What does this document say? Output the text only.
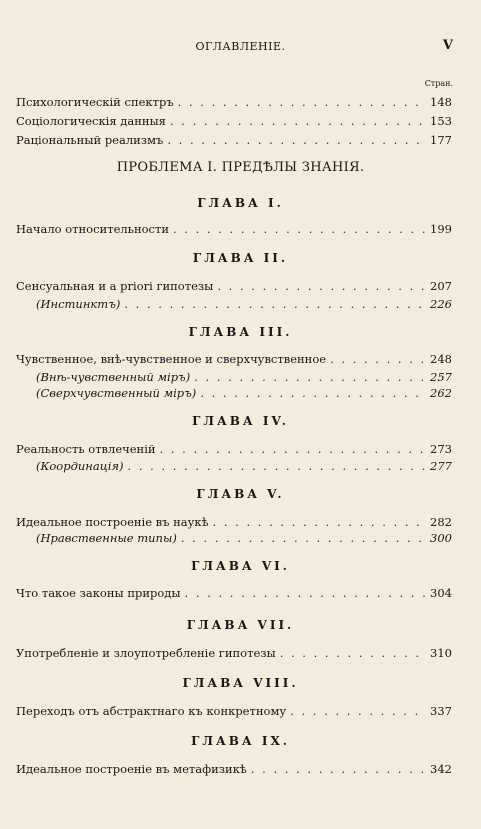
ОГЛАВЛЕНІЕ.	V
Стран.
Психологическій спектръ . . .	148
Соціологическія данныя . . .	153
Раціональный реализмъ . . .	177
ПРОБЛЕМА I. ПРЕДѢЛЫ ЗНАНІЯ.
ГЛАВА I.
Начало относительности . . .	199
ГЛАВА II.
Сенсуальная и a priori гипотезы . . .	207
(Инстинктъ) . . .	226
ГЛАВА III.
Чувственное, внѣ-чувственное и сверхчувственное . . .	248
(Внѣ-чувственный міръ) . . .	257
(Сверхчувственный міръ) . . .	262
ГЛАВА IV.
Реальность отвлеченій . . .	273
(Координація) . . .	277
ГЛАВА V.
Идеальное построеніе въ наукѣ . . .	282
(Нравственные типы) . . .	300
ГЛАВА VI.
Что такое законы природы . . .	304
ГЛАВА VII.
Употребленіе и злоупотребленіе гипотезы . . .	310
ГЛАВА VIII.
Переходъ отъ абстрактнаго къ конкретному . . .	337
ГЛАВА IX.
Идеальное построеніе въ метафизикѣ . . .	342
